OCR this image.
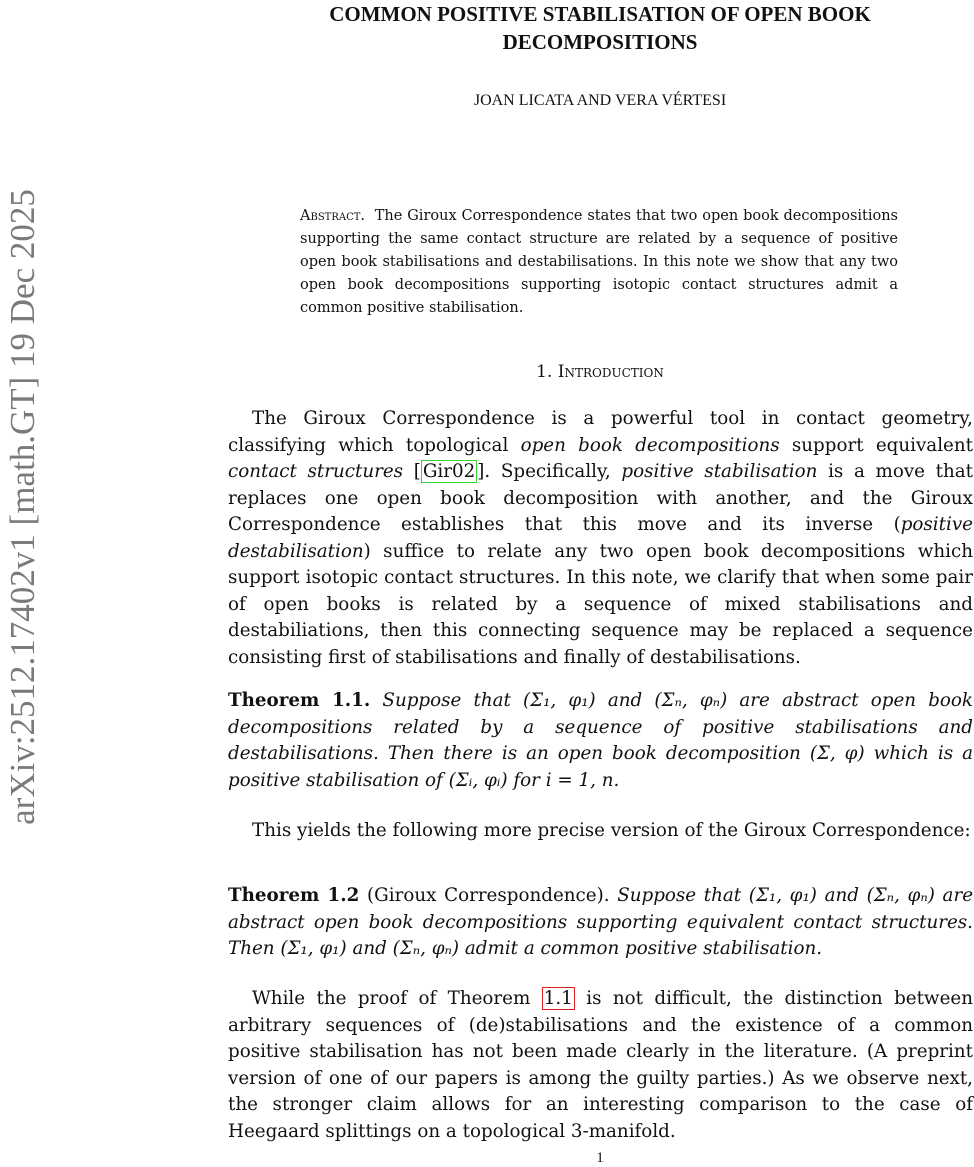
arXiv:2512.17402v1 [math.GT] 19 Dec 2025
COMMON POSITIVE STABILISATION OF OPEN BOOK
DECOMPOSITIONS
JOAN LICATA AND VERA VÉRTESI

Abstract. The Giroux Correspondence states that two open book decompositions supporting the same contact structure are related by a sequence of positive open book stabilisations and destabilisations. In this note we show that any two open book decompositions supporting isotopic contact structures admit a common positive stabilisation.

1. Introduction

The Giroux Correspondence is a powerful tool in contact geometry, classifying which topological open book decompositions support equivalent contact structures [ Gir02 ]. Specifically, positive stabilisation is a move that replaces one open book decomposition with another, and the Giroux Correspondence establishes that this move and its inverse (positive destabilisation) suffice to relate any two open book decompositions which support isotopic contact structures. In this note, we clarify that when some pair of open books is related by a sequence of mixed stabilisations and destabiliations, then this connecting sequence may be replaced a sequence consisting first of stabilisations and finally of destabilisations.

Theorem 1.1. Suppose that (Σ₁, φ₁) and (Σₙ, φₙ) are abstract open book decompositions related by a sequence of positive stabilisations and destabilisations. Then there is an open book decomposition (Σ, φ) which is a positive stabilisation of (Σᵢ, φᵢ) for i = 1, n.

This yields the following more precise version of the Giroux Correspondence:

Theorem 1.2 (Giroux Correspondence). Suppose that (Σ₁, φ₁) and (Σₙ, φₙ) are abstract open book decompositions supporting equivalent contact structures. Then (Σ₁, φ₁) and (Σₙ, φₙ) admit a common positive stabilisation.

While the proof of Theorem 1.1 is not difficult, the distinction between arbitrary sequences of (de)stabilisations and the existence of a common positive stabilisation has not been made clearly in the literature. (A preprint version of one of our papers is among the guilty parties.) As we observe next, the stronger claim allows for an interesting comparison to the case of Heegaard splittings on a topological 3-manifold.

1
